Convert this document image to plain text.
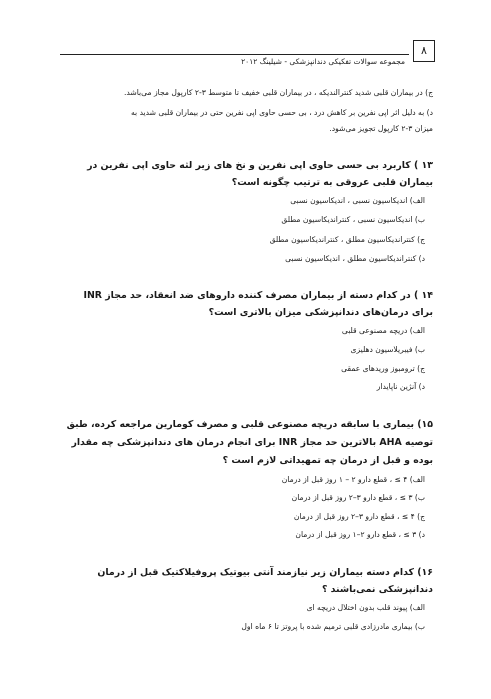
۸
مجموعه سوالات تفکیکی دندانپزشکی - شیلینگ ۲۰۱۲
ج) در بیماران قلبی شدید کنترالندیکه ، در بیماران قلبی خفیف تا متوسط ۳-۲ کارپول مجاز می‌باشد.
د) به دلیل اثر اپی نفرین بر کاهش درد ، بی حسی حاوی اپی نفرین حتی در بیماران قلبی شدید به
میزان ۳-۲ کارپول تجویز می‌شود.
۱۳ ) کاربرد بی حسی حاوی اپی نفرین و نخ های زیر لثه حاوی اپی نفرین در
بیماران قلبی عروقی به ترتیب چگونه است؟
الف) اندیکاسیون نسبی ، اندیکاسیون نسبی
ب) اندیکاسیون نسبی ، کنتراندیکاسیون مطلق
ج) کنتراندیکاسیون مطلق ، کنتراندیکاسیون مطلق
د) کنتراندیکاسیون مطلق ، اندیکاسیون نسبی
۱۴ ) در کدام دسته از بیماران مصرف کننده داروهای ضد انعقاد، حد مجاز INR
برای درمان‌های دندانپزشکی میزان بالاتری است؟
الف) دریچه مصنوعی قلبی
ب) فیبریلاسیون دهلیزی
ج) ترومبوز وریدهای عمقی
د) آنژین ناپایدار
۱۵) بیماری با سابقه دریچه مصنوعی قلبی و مصرف کومارین مراجعه کرده، طبق
توصیه AHA بالاترین حد مجاز INR برای انجام درمان های دندانپزشکی چه مقدار
بوده و قبل از درمان چه تمهیداتی لازم است ؟
الف) ۴ ≥ ، قطع دارو ۲ – ۱ روز قبل از درمان
ب) ۳ ≥ ، قطع دارو ۳–۲ روز قبل از درمان
ج) ۴ ≥ ، قطع دارو ۳–۲ روز قبل از درمان
د) ۳ ≥ ، قطع دارو ۲–۱ روز قبل از درمان
۱۶) کدام دسته بیماران زیر نیازمند آنتی بیوتیک پروفیلاکتیک قبل از درمان
دندانپزشکی نمی‌باشند ؟
الف) پیوند قلب بدون اختلال دریچه ای
ب) بیماری مادرزادی قلبی ترمیم شده با پروتز تا ۶ ماه اول
